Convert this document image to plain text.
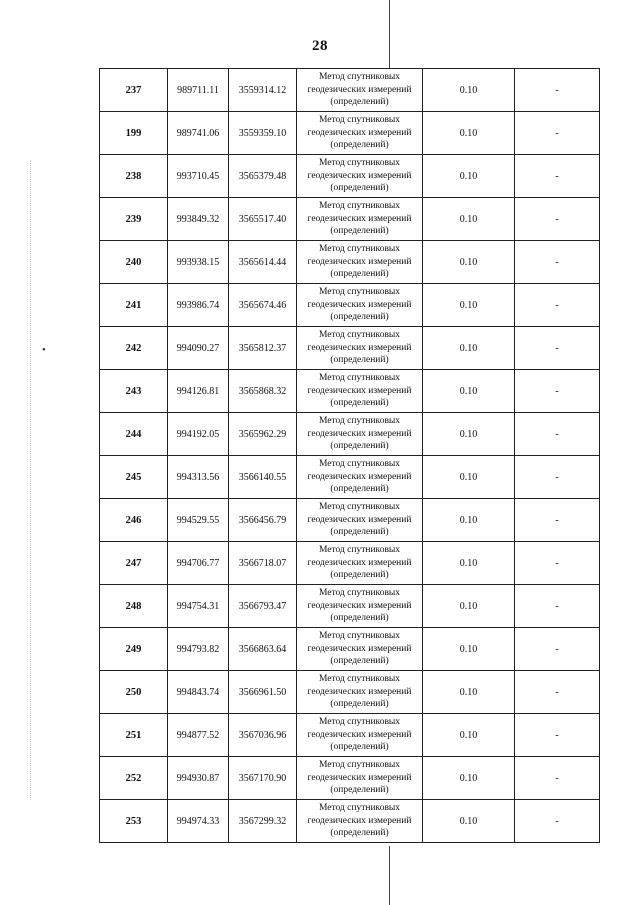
•
28
237	989711.11	3559314.12	Метод спутниковых
геодезических измерений
(определений)	0.10	-
199	989741.06	3559359.10	Метод спутниковых
геодезических измерений
(определений)	0.10	-
238	993710.45	3565379.48	Метод спутниковых
геодезических измерений
(определений)	0.10	-
239	993849.32	3565517.40	Метод спутниковых
геодезических измерений
(определений)	0.10	-
240	993938.15	3565614.44	Метод спутниковых
геодезических измерений
(определений)	0.10	-
241	993986.74	3565674.46	Метод спутниковых
геодезических измерений
(определений)	0.10	-
242	994090.27	3565812.37	Метод спутниковых
геодезических измерений
(определений)	0.10	-
243	994126.81	3565868.32	Метод спутниковых
геодезических измерений
(определений)	0.10	-
244	994192.05	3565962.29	Метод спутниковых
геодезических измерений
(определений)	0.10	-
245	994313.56	3566140.55	Метод спутниковых
геодезических измерений
(определений)	0.10	-
246	994529.55	3566456.79	Метод спутниковых
геодезических измерений
(определений)	0.10	-
247	994706.77	3566718.07	Метод спутниковых
геодезических измерений
(определений)	0.10	-
248	994754.31	3566793.47	Метод спутниковых
геодезических измерений
(определений)	0.10	-
249	994793.82	3566863.64	Метод спутниковых
геодезических измерений
(определений)	0.10	-
250	994843.74	3566961.50	Метод спутниковых
геодезических измерений
(определений)	0.10	-
251	994877.52	3567036.96	Метод спутниковых
геодезических измерений
(определений)	0.10	-
252	994930.87	3567170.90	Метод спутниковых
геодезических измерений
(определений)	0.10	-
253	994974.33	3567299.32	Метод спутниковых
геодезических измерений
(определений)	0.10	-
